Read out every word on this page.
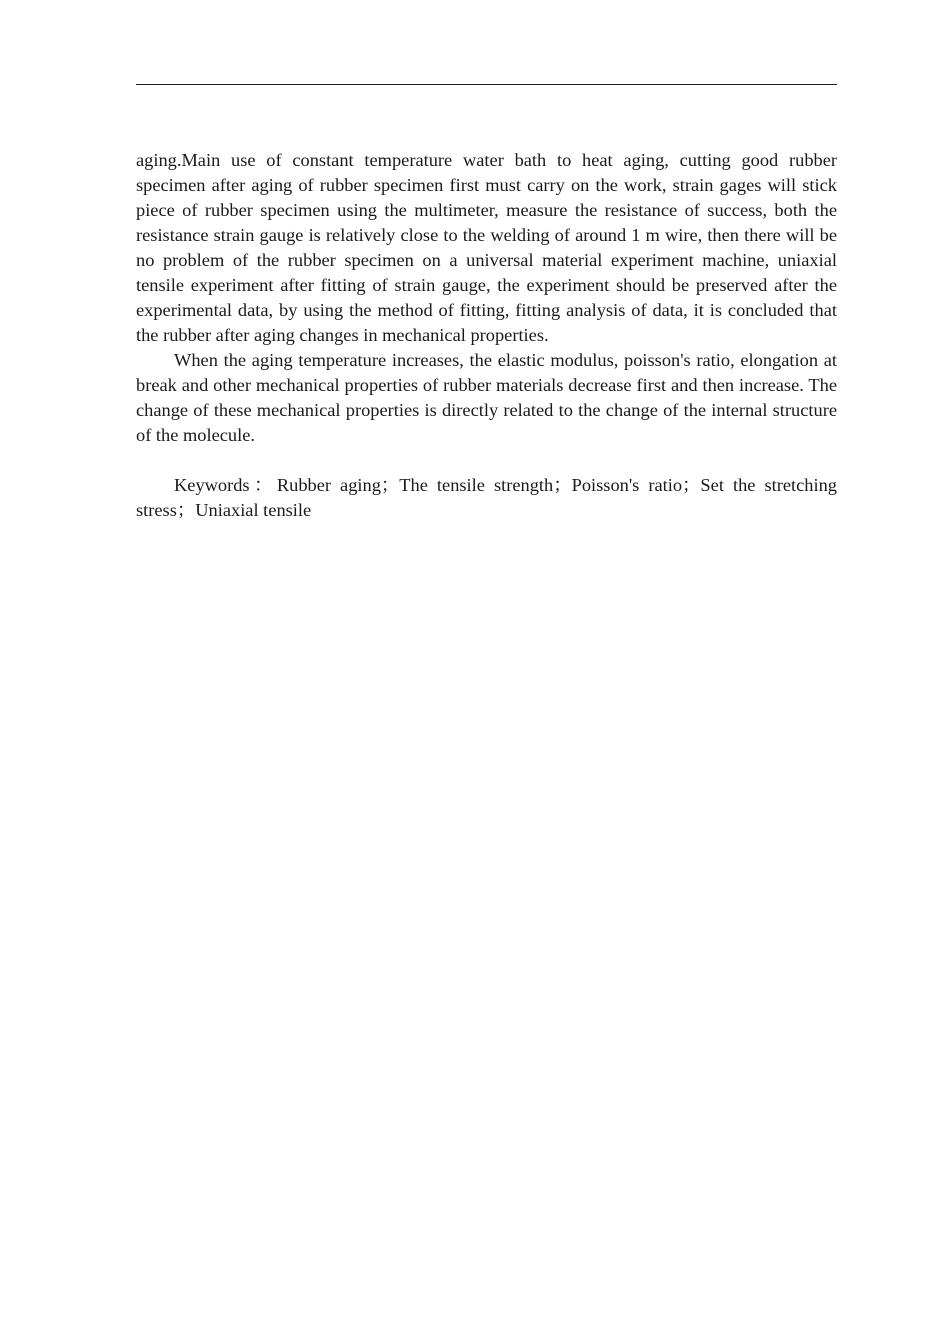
aging.Main use of constant temperature water bath to heat aging, cutting good rubber specimen after aging of rubber specimen first must carry on the work, strain gages will stick piece of rubber specimen using the multimeter, measure the resistance of success, both the resistance strain gauge is relatively close to the welding of around 1 m wire, then there will be no problem of the rubber specimen on a universal material experiment machine, uniaxial tensile experiment after fitting of strain gauge, the experiment should be preserved after the experimental data, by using the method of fitting, fitting analysis of data, it is concluded that the rubber after aging changes in mechanical properties.

When the aging temperature increases, the elastic modulus, poisson's ratio, elongation at break and other mechanical properties of rubber materials decrease first and then increase. The change of these mechanical properties is directly related to the change of the internal structure of the molecule.

Keywords：Rubber aging；The tensile strength；Poisson's ratio；Set the stretching stress；Uniaxial tensile
